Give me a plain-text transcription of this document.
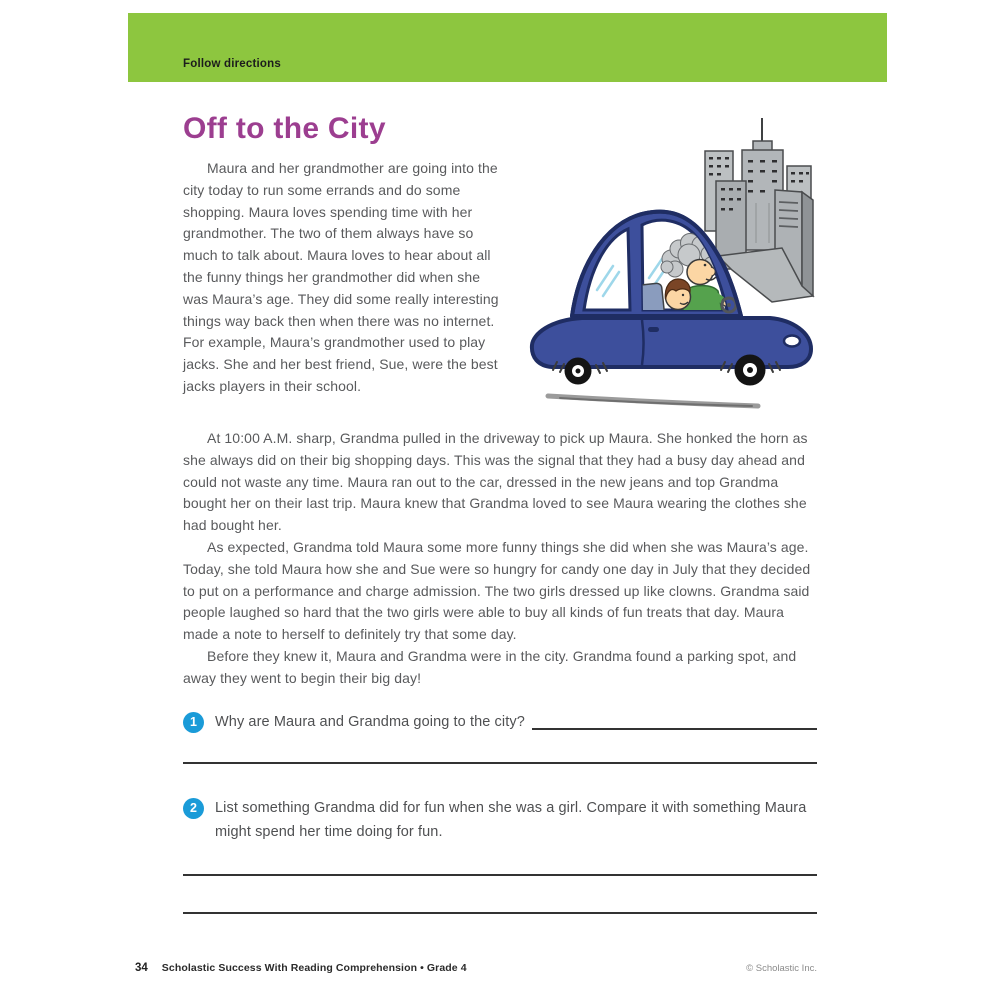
Follow directions
Off to the City

Maura and her grandmother are going into the city today to run some errands and do some shopping. Maura loves spending time with her grandmother. The two of them always have so much to talk about. Maura loves to hear about all the funny things her grandmother did when she was Maura’s age. They did some really interesting things way back then when there was no internet. For example, Maura’s grandmother used to play jacks. She and her best friend, Sue, were the best jacks players in their school.

At 10:00 A.M. sharp, Grandma pulled in the driveway to pick up Maura. She honked the horn as she always did on their big shopping days. This was the signal that they had a busy day ahead and could not waste any time. Maura ran out to the car, dressed in the new jeans and top Grandma bought her on their last trip. Maura knew that Grandma loved to see Maura wearing the clothes she had bought her.

As expected, Grandma told Maura some more funny things she did when she was Maura’s age. Today, she told Maura how she and Sue were so hungry for candy one day in July that they decided to put on a performance and charge admission. The two girls dressed up like clowns. Grandma said people laughed so hard that the two girls were able to buy all kinds of fun treats that day. Maura made a note to herself to definitely try that some day.

Before they knew it, Maura and Grandma were in the city. Grandma found a parking spot, and away they went to begin their big day!

1	Why are Maura and Grandma going to the city?
2	List something Grandma did for fun when she was a girl. Compare it with something Maura might spend her time doing for fun.
34 Scholastic Success With Reading Comprehension • Grade 4	© Scholastic Inc.
